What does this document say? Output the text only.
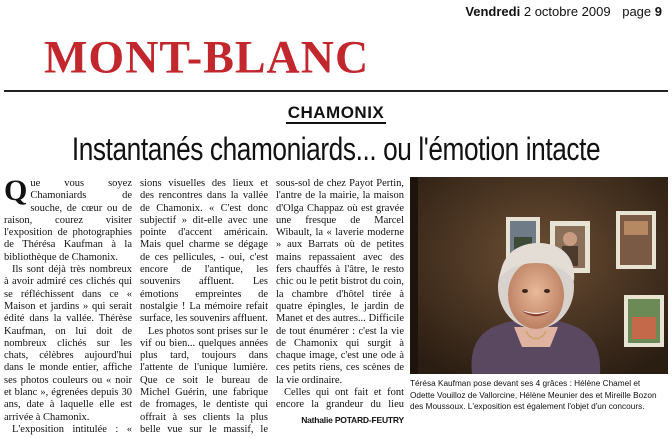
Vendredi 2 octobre 2009 page 9
MONT-BLANC
CHAMONIX
Instantanés chamoniards... ou l'émotion intacte

Que vous soyez Chamoniards de souche, de cœur ou de raison, courez visiter l'exposition de photographies de Thérésa Kaufman à la bibliothèque de Chamonix.

Ils sont déjà très nombreux à avoir admiré ces clichés qui se réfléchissent dans ce « Maison et jardins » qui serait édité dans la vallée. Thérèse Kaufman, on lui doit de nombreux clichés sur les chats, célèbres aujourd'hui dans le monde entier, affiche ses photos couleurs ou « noir et blanc », égrenées depuis 30 ans, date à laquelle elle est arrivée à Chamonix.

L'exposition intitulée : «

sions visuelles des lieux et des rencontres dans la vallée de Chamonix. « C'est donc subjectif » dit-elle avec une pointe d'accent américain. Mais quel charme se dégage de ces pellicules, - oui, c'est encore de l'antique, les souvenirs affluent. Les émotions empreintes de nostalgie ! La mémoire refait surface, les souvenirs affluent.

Les photos sont prises sur le vif ou bien... quelques années plus tard, toujours dans l'attente de l'unique lumière. Que ce soit le bureau de Michel Guérin, une fabrique de fromages, le dentiste qui offrait à ses clients la plus belle vue sur le massif, le

sous-sol de chez Payot Pertin, l'antre de la mairie, la maison d'Olga Chappaz où est gravée une fresque de Marcel Wibault, la « laverie moderne » aux Barrats où de petites mains repassaient avec des fers chauffés à l'âtre, le resto chic ou le petit bistrot du coin, la chambre d'hôtel tirée à quatre épingles, le jardin de Manet et des autres... Difficile de tout énumérer : c'est la vie de Chamonix qui surgit à chaque image, c'est une ode à ces petits riens, ces scènes de la vie ordinaire.

Celles qui ont fait et font encore la grandeur du lieu

Nathalie POTARD-FEUTRY
Térésa Kaufman pose devant ses 4 grâces : Hélène Chamel et Odette Vouilloz de Vallorcine, Hélène Meunier des et Mireille Bozon des Moussoux. L'exposition est également l'objet d'un concours.
